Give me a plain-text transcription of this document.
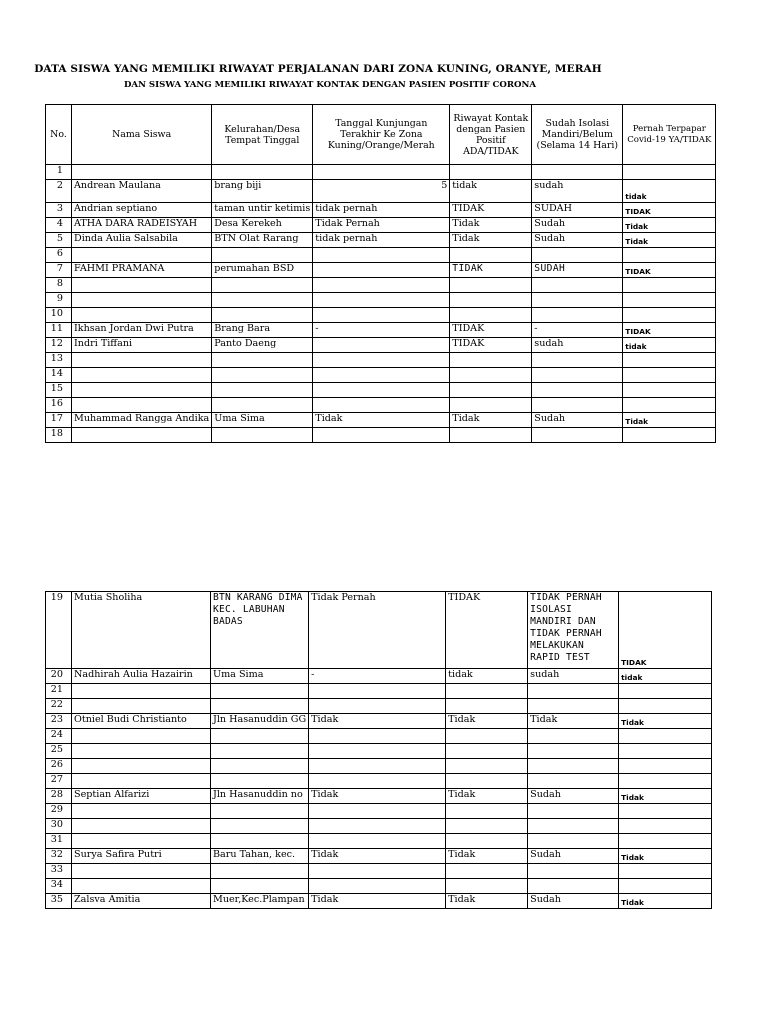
DATA SISWA YANG MEMILIKI RIWAYAT PERJALANAN DARI ZONA KUNING, ORANYE, MERAH
DAN SISWA YANG MEMILIKI RIWAYAT KONTAK DENGAN PASIEN POSITIF CORONA
No.	Nama Siswa	Kelurahan/Desa Tempat Tinggal	Tanggal Kunjungan Terakhir Ke Zona Kuning/Orange/Merah	Riwayat Kontak dengan Pasien Positif ADA/TIDAK	Sudah Isolasi Mandiri/Belum (Selama 14 Hari)	Pernah Terpapar Covid-19 YA/TIDAK
1						
2	Andrean Maulana	brang biji	5	tidak	sudah	tidak
3	Andrian septiano	taman untir ketimis	tidak pernah	TIDAK	SUDAH	TIDAK
4	ATHA DARA RADEISYAH	Desa Kerekeh	Tidak Pernah	Tidak	Sudah	Tidak
5	Dinda Aulia Salsabila	BTN Olat Rarang	tidak pernah	Tidak	Sudah	Tidak
6						
7	FAHMI PRAMANA	perumahan BSD		TIDAK	SUDAH	TIDAK
8						
9						
10						
11	Ikhsan Jordan Dwi Putra	Brang Bara	-	TIDAK	-	TIDAK
12	Indri Tiffani	Panto Daeng		TIDAK	sudah	tidak
13						
14						
15						
16						
17	Muhammad Rangga Andika	Uma Sima	Tidak	Tidak	Sudah	Tidak
18						
19	Mutia Sholiha	BTN KARANG DIMA KEC. LABUHAN BADAS	Tidak Pernah	TIDAK	TIDAK PERNAH ISOLASI MANDIRI DAN TIDAK PERNAH MELAKUKAN RAPID TEST	TIDAK
20	Nadhirah Aulia Hazairin	Uma Sima	-	tidak	sudah	tidak
21						
22						
23	Otniel Budi Christianto	Jln Hasanuddin GG	Tidak	Tidak	Tidak	Tidak
24						
25						
26						
27						
28	Septian Alfarizi	Jln Hasanuddin no	Tidak	Tidak	Sudah	Tidak
29						
30						
31						
32	Surya Safira Putri	Baru Tahan, kec.	Tidak	Tidak	Sudah	Tidak
33						
34						
35	Zalsva Amitia	Muer,Kec.Plampan	Tidak	Tidak	Sudah	Tidak
